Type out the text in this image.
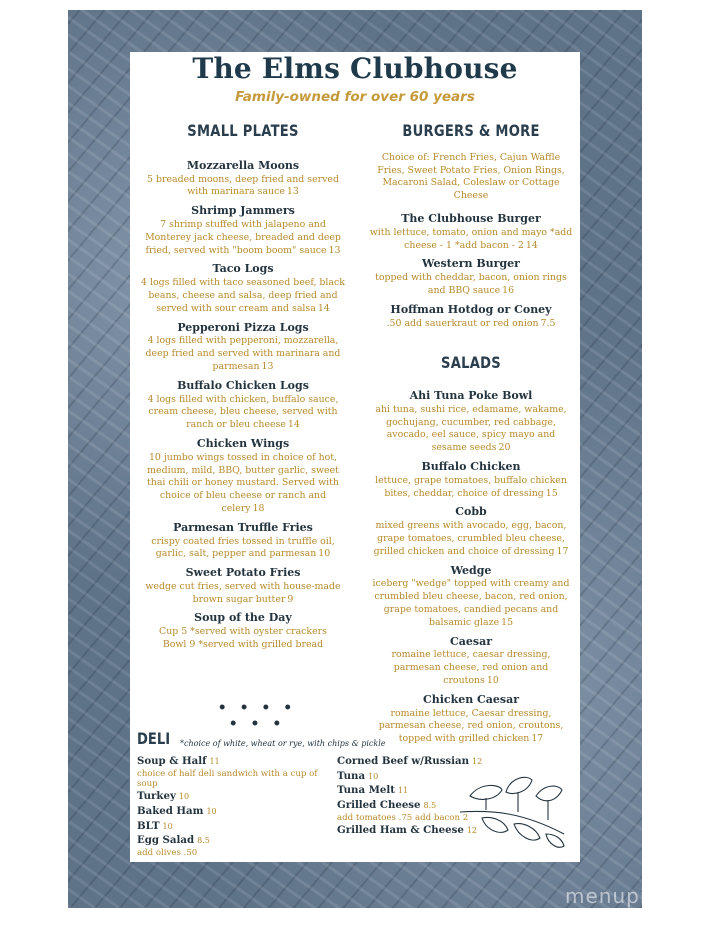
The Elms Clubhouse
Family-owned for over 60 years
SMALL PLATES
Mozzarella Moons
5 breaded moons, deep fried and served with marinara sauce 13
Shrimp Jammers
7 shrimp stuffed with jalapeno and Monterey jack cheese, breaded and deep fried, served with "boom boom" sauce 13
Taco Logs
4 logs filled with taco seasoned beef, black beans, cheese and salsa, deep fried and served with sour cream and salsa 14
Pepperoni Pizza Logs
4 logs filled with pepperoni, mozzarella, deep fried and served with marinara and parmesan 13
Buffalo Chicken Logs
4 logs filled with chicken, buffalo sauce, cream cheese, bleu cheese, served with ranch or bleu cheese 14
Chicken Wings
10 jumbo wings tossed in choice of hot, medium, mild, BBQ, butter garlic, sweet thai chili or honey mustard. Served with choice of bleu cheese or ranch and celery 18
Parmesan Truffle Fries
crispy coated fries tossed in truffle oil, garlic, salt, pepper and parmesan 10
Sweet Potato Fries
wedge cut fries, served with house-made brown sugar butter 9
Soup of the Day
Cup 5 *served with oyster crackers Bowl 9 *served with grilled bread
• • • • • • •
BURGERS & MORE
Choice of: French Fries, Cajun Waffle Fries, Sweet Potato Fries, Onion Rings, Macaroni Salad, Coleslaw or Cottage Cheese
The Clubhouse Burger
with lettuce, tomato, onion and mayo *add cheese - 1 *add bacon - 2 14
Western Burger
topped with cheddar, bacon, onion rings and BBQ sauce 16
Hoffman Hotdog or Coney
.50 add sauerkraut or red onion 7.5
SALADS
Ahi Tuna Poke Bowl
ahi tuna, sushi rice, edamame, wakame, gochujang, cucumber, red cabbage, avocado, eel sauce, spicy mayo and sesame seeds 20
Buffalo Chicken
lettuce, grape tomatoes, buffalo chicken bites, cheddar, choice of dressing 15
Cobb
mixed greens with avocado, egg, bacon, grape tomatoes, crumbled bleu cheese, grilled chicken and choice of dressing 17
Wedge
iceberg "wedge" topped with creamy and crumbled bleu cheese, bacon, red onion, grape tomatoes, candied pecans and balsamic glaze 15
Caesar
romaine lettuce, caesar dressing, parmesan cheese, red onion and croutons 10
Chicken Caesar
romaine lettuce, Caesar dressing, parmesan cheese, red onion, croutons, topped with grilled chicken 17
DELI *choice of white, wheat or rye, with chips & pickle
Soup & Half 11
choice of half deli sandwich with a cup of soup
Turkey 10
Baked Ham 10
BLT 10
Egg Salad 8.5
add olives .50
Corned Beef w/Russian 12
Tuna 10
Tuna Melt 11
Grilled Cheese 8.5
add tomatoes .75 add bacon 2
Grilled Ham & Cheese 12
menupix
